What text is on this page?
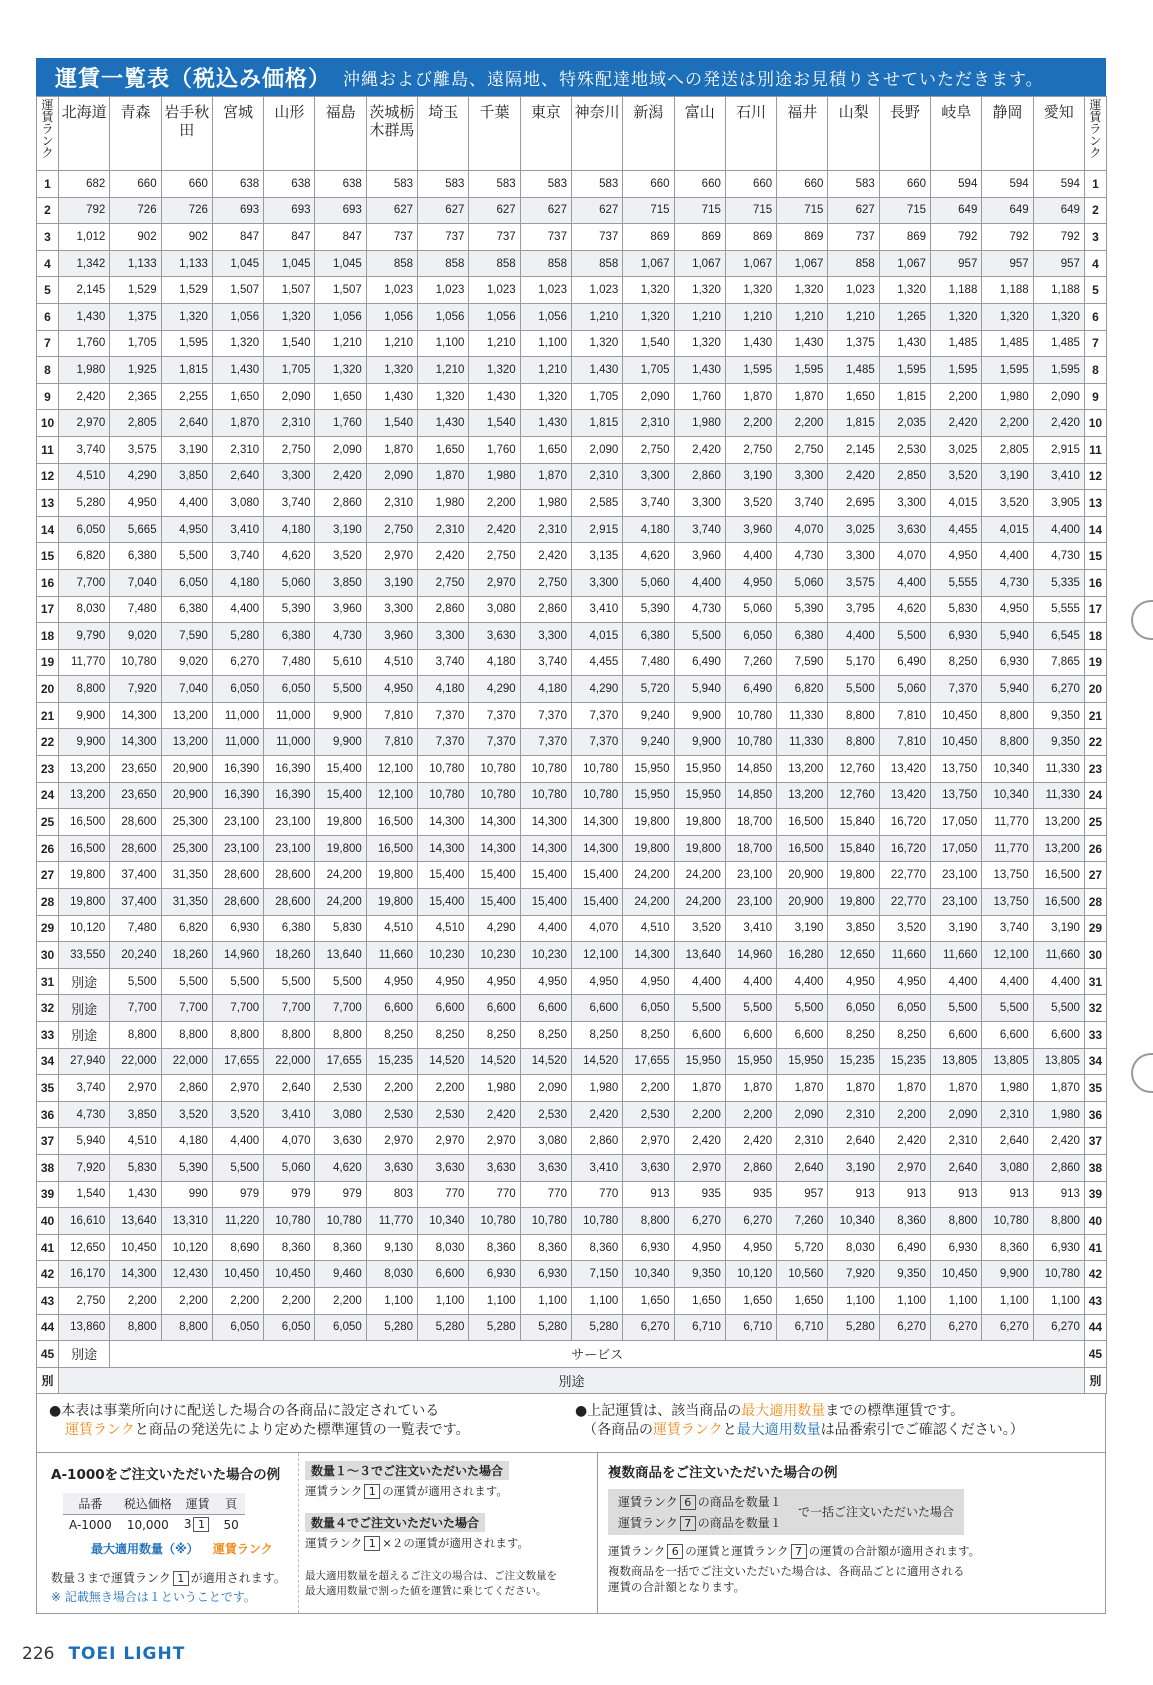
運賃一覧表（税込み価格） 沖縄および離島、遠隔地、特殊配達地域への発送は別途お見積りさせていただきます。
運
賃
ラ
ン
ク	北海道	青森	岩手秋田	宮城	山形	福島	茨城栃木群馬	埼玉	千葉	東京	神奈川	新潟	富山	石川	福井	山梨	長野	岐阜	静岡	愛知	運
賃
ラ
ン
ク

1	682	660	660	638	638	638	583	583	583	583	583	660	660	660	660	583	660	594	594	594	1
2	792	726	726	693	693	693	627	627	627	627	627	715	715	715	715	627	715	649	649	649	2
3	1,012	902	902	847	847	847	737	737	737	737	737	869	869	869	869	737	869	792	792	792	3
4	1,342	1,133	1,133	1,045	1,045	1,045	858	858	858	858	858	1,067	1,067	1,067	1,067	858	1,067	957	957	957	4
5	2,145	1,529	1,529	1,507	1,507	1,507	1,023	1,023	1,023	1,023	1,023	1,320	1,320	1,320	1,320	1,023	1,320	1,188	1,188	1,188	5
6	1,430	1,375	1,320	1,056	1,320	1,056	1,056	1,056	1,056	1,056	1,210	1,320	1,210	1,210	1,210	1,210	1,265	1,320	1,320	1,320	6
7	1,760	1,705	1,595	1,320	1,540	1,210	1,210	1,100	1,210	1,100	1,320	1,540	1,320	1,430	1,430	1,375	1,430	1,485	1,485	1,485	7
8	1,980	1,925	1,815	1,430	1,705	1,320	1,320	1,210	1,320	1,210	1,430	1,705	1,430	1,595	1,595	1,485	1,595	1,595	1,595	1,595	8
9	2,420	2,365	2,255	1,650	2,090	1,650	1,430	1,320	1,430	1,320	1,705	2,090	1,760	1,870	1,870	1,650	1,815	2,200	1,980	2,090	9
10	2,970	2,805	2,640	1,870	2,310	1,760	1,540	1,430	1,540	1,430	1,815	2,310	1,980	2,200	2,200	1,815	2,035	2,420	2,200	2,420	10
11	3,740	3,575	3,190	2,310	2,750	2,090	1,870	1,650	1,760	1,650	2,090	2,750	2,420	2,750	2,750	2,145	2,530	3,025	2,805	2,915	11
12	4,510	4,290	3,850	2,640	3,300	2,420	2,090	1,870	1,980	1,870	2,310	3,300	2,860	3,190	3,300	2,420	2,850	3,520	3,190	3,410	12
13	5,280	4,950	4,400	3,080	3,740	2,860	2,310	1,980	2,200	1,980	2,585	3,740	3,300	3,520	3,740	2,695	3,300	4,015	3,520	3,905	13
14	6,050	5,665	4,950	3,410	4,180	3,190	2,750	2,310	2,420	2,310	2,915	4,180	3,740	3,960	4,070	3,025	3,630	4,455	4,015	4,400	14
15	6,820	6,380	5,500	3,740	4,620	3,520	2,970	2,420	2,750	2,420	3,135	4,620	3,960	4,400	4,730	3,300	4,070	4,950	4,400	4,730	15
16	7,700	7,040	6,050	4,180	5,060	3,850	3,190	2,750	2,970	2,750	3,300	5,060	4,400	4,950	5,060	3,575	4,400	5,555	4,730	5,335	16
17	8,030	7,480	6,380	4,400	5,390	3,960	3,300	2,860	3,080	2,860	3,410	5,390	4,730	5,060	5,390	3,795	4,620	5,830	4,950	5,555	17
18	9,790	9,020	7,590	5,280	6,380	4,730	3,960	3,300	3,630	3,300	4,015	6,380	5,500	6,050	6,380	4,400	5,500	6,930	5,940	6,545	18
19	11,770	10,780	9,020	6,270	7,480	5,610	4,510	3,740	4,180	3,740	4,455	7,480	6,490	7,260	7,590	5,170	6,490	8,250	6,930	7,865	19
20	8,800	7,920	7,040	6,050	6,050	5,500	4,950	4,180	4,290	4,180	4,290	5,720	5,940	6,490	6,820	5,500	5,060	7,370	5,940	6,270	20
21	9,900	14,300	13,200	11,000	11,000	9,900	7,810	7,370	7,370	7,370	7,370	9,240	9,900	10,780	11,330	8,800	7,810	10,450	8,800	9,350	21
22	9,900	14,300	13,200	11,000	11,000	9,900	7,810	7,370	7,370	7,370	7,370	9,240	9,900	10,780	11,330	8,800	7,810	10,450	8,800	9,350	22
23	13,200	23,650	20,900	16,390	16,390	15,400	12,100	10,780	10,780	10,780	10,780	15,950	15,950	14,850	13,200	12,760	13,420	13,750	10,340	11,330	23
24	13,200	23,650	20,900	16,390	16,390	15,400	12,100	10,780	10,780	10,780	10,780	15,950	15,950	14,850	13,200	12,760	13,420	13,750	10,340	11,330	24
25	16,500	28,600	25,300	23,100	23,100	19,800	16,500	14,300	14,300	14,300	14,300	19,800	19,800	18,700	16,500	15,840	16,720	17,050	11,770	13,200	25
26	16,500	28,600	25,300	23,100	23,100	19,800	16,500	14,300	14,300	14,300	14,300	19,800	19,800	18,700	16,500	15,840	16,720	17,050	11,770	13,200	26
27	19,800	37,400	31,350	28,600	28,600	24,200	19,800	15,400	15,400	15,400	15,400	24,200	24,200	23,100	20,900	19,800	22,770	23,100	13,750	16,500	27
28	19,800	37,400	31,350	28,600	28,600	24,200	19,800	15,400	15,400	15,400	15,400	24,200	24,200	23,100	20,900	19,800	22,770	23,100	13,750	16,500	28
29	10,120	7,480	6,820	6,930	6,380	5,830	4,510	4,510	4,290	4,400	4,070	4,510	3,520	3,410	3,190	3,850	3,520	3,190	3,740	3,190	29
30	33,550	20,240	18,260	14,960	18,260	13,640	11,660	10,230	10,230	10,230	12,100	14,300	13,640	14,960	16,280	12,650	11,660	11,660	12,100	11,660	30
31	別途	5,500	5,500	5,500	5,500	5,500	4,950	4,950	4,950	4,950	4,950	4,950	4,400	4,400	4,400	4,950	4,950	4,400	4,400	4,400	31
32	別途	7,700	7,700	7,700	7,700	7,700	6,600	6,600	6,600	6,600	6,600	6,050	5,500	5,500	5,500	6,050	6,050	5,500	5,500	5,500	32
33	別途	8,800	8,800	8,800	8,800	8,800	8,250	8,250	8,250	8,250	8,250	8,250	6,600	6,600	6,600	8,250	8,250	6,600	6,600	6,600	33
34	27,940	22,000	22,000	17,655	22,000	17,655	15,235	14,520	14,520	14,520	14,520	17,655	15,950	15,950	15,950	15,235	15,235	13,805	13,805	13,805	34
35	3,740	2,970	2,860	2,970	2,640	2,530	2,200	2,200	1,980	2,090	1,980	2,200	1,870	1,870	1,870	1,870	1,870	1,870	1,980	1,870	35
36	4,730	3,850	3,520	3,520	3,410	3,080	2,530	2,530	2,420	2,530	2,420	2,530	2,200	2,200	2,090	2,310	2,200	2,090	2,310	1,980	36
37	5,940	4,510	4,180	4,400	4,070	3,630	2,970	2,970	2,970	3,080	2,860	2,970	2,420	2,420	2,310	2,640	2,420	2,310	2,640	2,420	37
38	7,920	5,830	5,390	5,500	5,060	4,620	3,630	3,630	3,630	3,630	3,410	3,630	2,970	2,860	2,640	3,190	2,970	2,640	3,080	2,860	38
39	1,540	1,430	990	979	979	979	803	770	770	770	770	913	935	935	957	913	913	913	913	913	39
40	16,610	13,640	13,310	11,220	10,780	10,780	11,770	10,340	10,780	10,780	10,780	8,800	6,270	6,270	7,260	10,340	8,360	8,800	10,780	8,800	40
41	12,650	10,450	10,120	8,690	8,360	8,360	9,130	8,030	8,360	8,360	8,360	6,930	4,950	4,950	5,720	8,030	6,490	6,930	8,360	6,930	41
42	16,170	14,300	12,430	10,450	10,450	9,460	8,030	6,600	6,930	6,930	7,150	10,340	9,350	10,120	10,560	7,920	9,350	10,450	9,900	10,780	42
43	2,750	2,200	2,200	2,200	2,200	2,200	1,100	1,100	1,100	1,100	1,100	1,650	1,650	1,650	1,650	1,100	1,100	1,100	1,100	1,100	43
44	13,860	8,800	8,800	6,050	6,050	6,050	5,280	5,280	5,280	5,280	5,280	6,270	6,710	6,710	6,710	5,280	6,270	6,270	6,270	6,270	44
45	別途	サービス																			45
別	別途																				別
●本表は事業所向けに配送した場合の各商品に設定されている
運賃ランクと商品の発送先により定めた標準運賃の一覧表です。
●上記運賃は、該当商品の最大適用数量までの標準運賃です。
（各商品の運賃ランクと最大適用数量は品番索引でご確認ください。）
A-1000をご注文いただいた場合の例
品番	税込価格	運賃	頁
A-1000	10,000	3 1	50
最大適用数量（※） 運賃ランク
数量３まで運賃ランク 1 が適用されます。
※ 記載無き場合は１ということです。
数量１～３でご注文いただいた場合
運賃ランク 1 の運賃が適用されます。
数量４でご注文いただいた場合
運賃ランク 1 ×２の運賃が適用されます。
最大適用数量を超えるご注文の場合は、ご注文数量を
最大適用数量で割った値を運賃に乗じてください。
複数商品をご注文いただいた場合の例
運賃ランク 6 の商品を数量１
運賃ランク 7 の商品を数量１
で一括ご注文いただいた場合
運賃ランク 6 の運賃と運賃ランク 7 の運賃の合計額が適用されます。
複数商品を一括でご注文いただいた場合は、各商品ごとに適用される
運賃の合計額となります。
226 TOEI LIGHT
